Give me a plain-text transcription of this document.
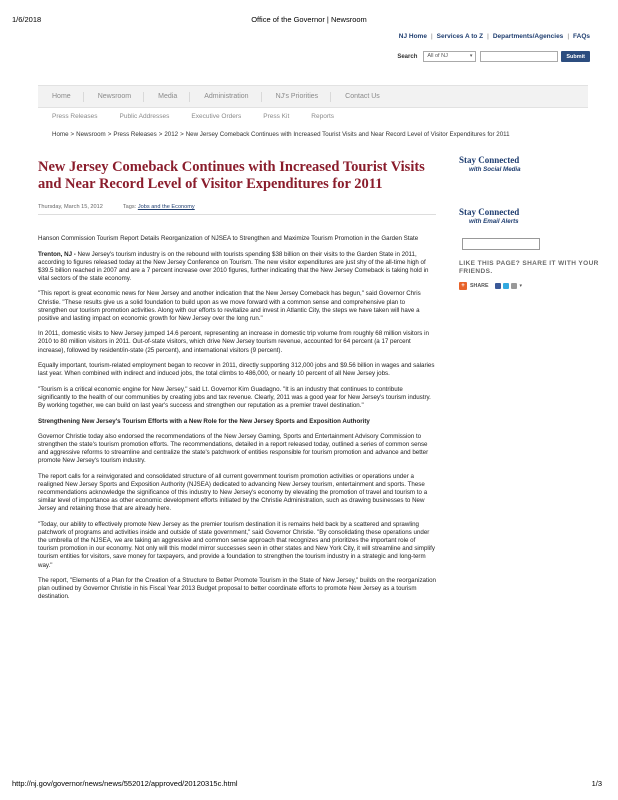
1/6/2018	Office of the Governor | Newsroom
NJ Home | Services A to Z | Departments/Agencies | FAQs
Search	All of NJ	▾	Submit
Home	Newsroom	Media	Administration	NJ's Priorities	Contact Us
Press Releases	Public Addresses	Executive Orders	Press Kit	Reports
Home > Newsroom > Press Releases > 2012 > New Jersey Comeback Continues with Increased Tourist Visits and Near Record Level of Visitor Expenditures for 2011
New Jersey Comeback Continues with Increased Tourist Visits and Near Record Level of Visitor Expenditures for 2011
Thursday, March 15, 2012	Tags: Jobs and the Economy

Hanson Commission Tourism Report Details Reorganization of NJSEA to Strengthen and Maximize Tourism Promotion in the Garden State

Trenton, NJ - New Jersey's tourism industry is on the rebound with tourists spending $38 billion on their visits to the Garden State in 2011, according to figures released today at the New Jersey Conference on Tourism. The new visitor expenditures are just shy of the all-time high of $39.5 billion reached in 2007 and are a 7 percent increase over 2010 figures, further indicating that the New Jersey Comeback is taking hold in vital sectors of the state economy.

"This report is great economic news for New Jersey and another indication that the New Jersey Comeback has begun," said Governor Chris Christie. "These results give us a solid foundation to build upon as we move forward with a common sense and comprehensive plan to strengthen our tourism promotion activities. Along with our efforts to revitalize and invest in Atlantic City, the steps we have taken will have a positive and lasting impact on economic growth for New Jersey over the long run."

In 2011, domestic visits to New Jersey jumped 14.6 percent, representing an increase in domestic trip volume from roughly 68 million visitors in 2010 to 80 million visitors in 2011. Out-of-state visitors, which drive New Jersey tourism revenue, accounted for 64 percent (a 17 percent increase), followed by resident/in-state (25 percent), and international visitors (9 percent).

Equally important, tourism-related employment began to recover in 2011, directly supporting 312,000 jobs and $9.56 billion in wages and salaries last year. When combined with indirect and induced jobs, the total climbs to 486,000, or nearly 10 percent of all New Jersey jobs.

"Tourism is a critical economic engine for New Jersey," said Lt. Governor Kim Guadagno. "It is an industry that continues to contribute significantly to the health of our communities by creating jobs and tax revenue. Clearly, 2011 was a good year for New Jersey's tourism industry. By working together, we can build on last year's success and strengthen our reputation as a premier travel destination."

Strengthening New Jersey's Tourism Efforts with a New Role for the New Jersey Sports and Exposition Authority

Governor Christie today also endorsed the recommendations of the New Jersey Gaming, Sports and Entertainment Advisory Commission to strengthen the state's tourism promotion efforts. The recommendations, detailed in a report released today, outlined a series of common sense and aggressive reforms to streamline and centralize the state's patchwork of entities responsible for tourism promotion and advance and better promote New Jersey's tourism industry.

The report calls for a reinvigorated and consolidated structure of all current government tourism promotion activities or operations under a realigned New Jersey Sports and Exposition Authority (NJSEA) dedicated to advancing New Jersey tourism, entertainment and sports. These recommendations acknowledge the significance of this industry to New Jersey's economy by elevating the promotion of travel and tourism to a similar level of importance as other economic development efforts initiated by the Christie Administration, such as drawing businesses to New Jersey and retaining those that are already here.

"Today, our ability to effectively promote New Jersey as the premier tourism destination it is remains held back by a scattered and sprawling patchwork of programs and activities inside and outside of state government," said Governor Christie. "By consolidating these operations under the umbrella of the NJSEA, we are taking an aggressive and common sense approach that recognizes and prioritizes the important role of tourism promotion in our economy. Not only will this model mirror successes seen in other states and New York City, it will streamline and simplify tourism entities for visitors, save money for taxpayers, and provide a foundation to strengthen the tourism industry in a strategic and long-term way."

The report, "Elements of a Plan for the Creation of a Structure to Better Promote Tourism in the State of New Jersey," builds on the reorganization plan outlined by Governor Christie in his Fiscal Year 2013 Budget proposal to better coordinate efforts to promote New Jersey as a tourism destination.

Stay Connected
with Social Media
Stay Connected
with Email Alerts
LIKE THIS PAGE? SHARE IT WITH YOUR FRIENDS.
+ SHARE	▾
http://nj.gov/governor/news/news/552012/approved/20120315c.html	1/3
